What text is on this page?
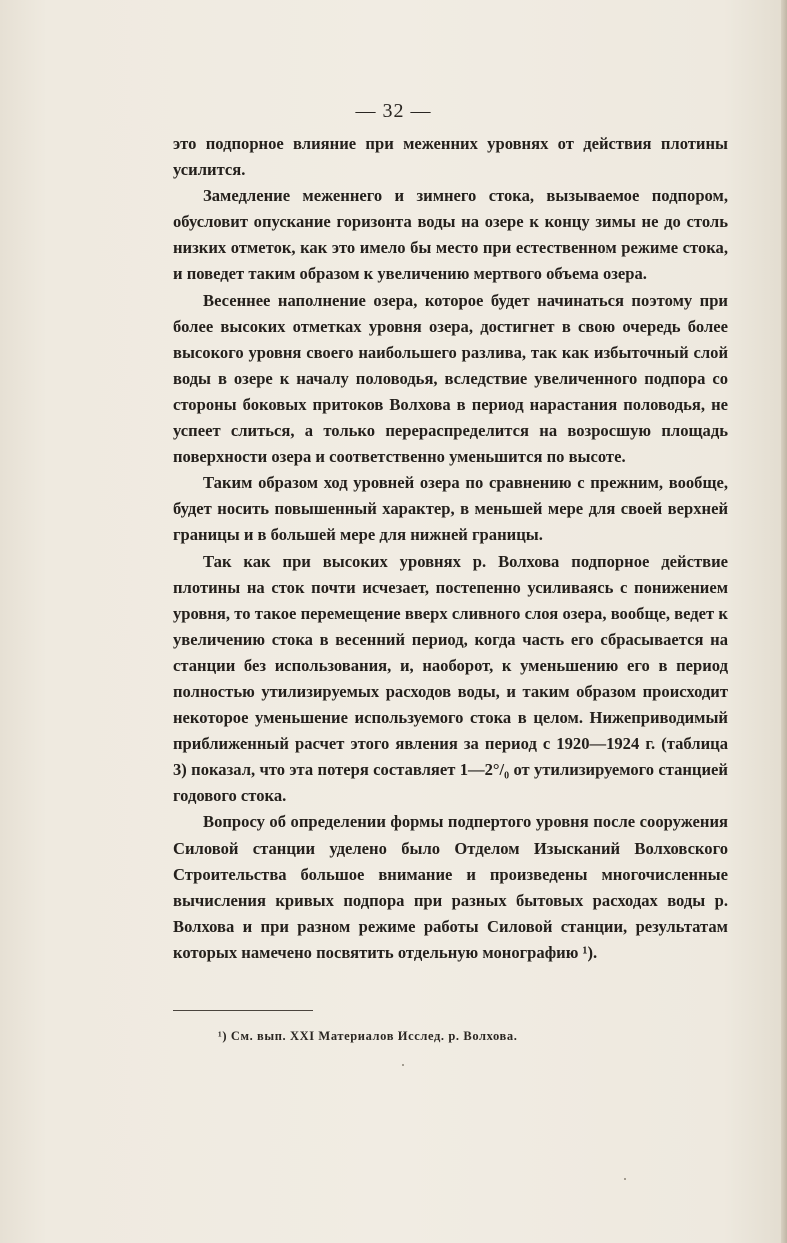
— 32 —

это подпорное влияние при меженних уровнях от действия плотины усилится.

Замедление меженнего и зимнего стока, вызываемое подпором, обусловит опускание горизонта воды на озере к концу зимы не до столь низких отметок, как это имело бы место при естественном режиме стока, и поведет таким образом к увеличению мертвого объема озера.

Весеннее наполнение озера, которое будет начинаться поэтому при более высоких отметках уровня озера, достигнет в свою очередь более высокого уровня своего наибольшего разлива, так как избыточный слой воды в озере к началу половодья, вследствие увеличенного подпора со стороны боковых притоков Волхова в период нарастания половодья, не успеет слиться, а только перераспределится на возросшую площадь поверхности озера и соответственно уменьшится по высоте.

Таким образом ход уровней озера по сравнению с прежним, вообще, будет носить повышенный характер, в меньшей мере для своей верхней границы и в большей мере для нижней границы.

Так как при высоких уровнях р. Волхова подпорное действие плотины на сток почти исчезает, постепенно усиливаясь с понижением уровня, то такое перемещение вверх сливного слоя озера, вообще, ведет к увеличению стока в весенний период, когда часть его сбрасывается на станции без использования, и, наоборот, к уменьшению его в период полностью утилизируемых расходов воды, и таким образом происходит некоторое уменьшение используемого стока в целом. Нижеприводимый приближенный расчет этого явления за период с 1920—1924 г. (таблица 3) показал, что эта потеря составляет 1—2°/₀ от утилизируемого станцией годового стока.

Вопросу об определении формы подпертого уровня после сооружения Силовой станции уделено было Отделом Изысканий Волховского Строительства большое внимание и произведены многочисленные вычисления кривых подпора при разных бытовых расходах воды р. Волхова и при разном режиме работы Силовой станции, результатам которых намечено посвятить отдельную монографию ¹).

¹) См. вып. XXI Материалов Исслед. р. Волхова.
